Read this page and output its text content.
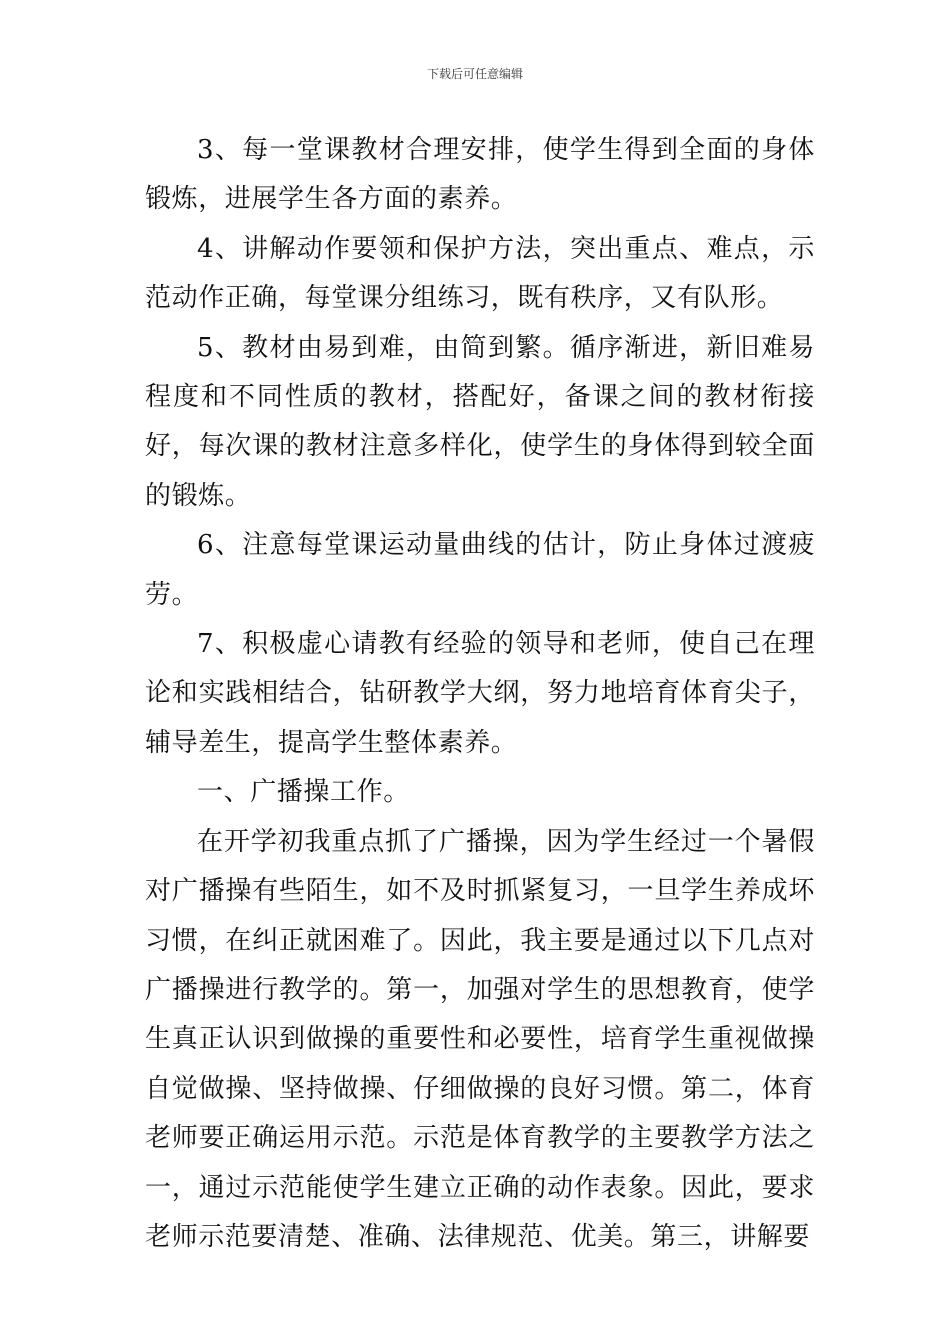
下载后可任意编辑

3、每一堂课教材合理安排，使学生得到全面的身体锻炼，进展学生各方面的素养。

4、讲解动作要领和保护方法，突出重点、难点，示范动作正确，每堂课分组练习，既有秩序，又有队形。

5、教材由易到难，由简到繁。循序渐进，新旧难易程度和不同性质的教材，搭配好，备课之间的教材衔接好，每次课的教材注意多样化，使学生的身体得到较全面的锻炼。

6、注意每堂课运动量曲线的估计，防止身体过渡疲劳。

7、积极虚心请教有经验的领导和老师，使自己在理论和实践相结合，钻研教学大纲，努力地培育体育尖子，辅导差生，提高学生整体素养。

一、广播操工作。

在开学初我重点抓了广播操，因为学生经过一个暑假对广播操有些陌生，如不及时抓紧复习，一旦学生养成坏习惯，在纠正就困难了。因此，我主要是通过以下几点对广播操进行教学的。第一，加强对学生的思想教育，使学生真正认识到做操的重要性和必要性，培育学生重视做操自觉做操、坚持做操、仔细做操的良好习惯。第二，体育老师要正确运用示范。示范是体育教学的主要教学方法之一，通过示范能使学生建立正确的动作表象。因此，要求老师示范要清楚、准确、法律规范、优美。第三，讲解要
